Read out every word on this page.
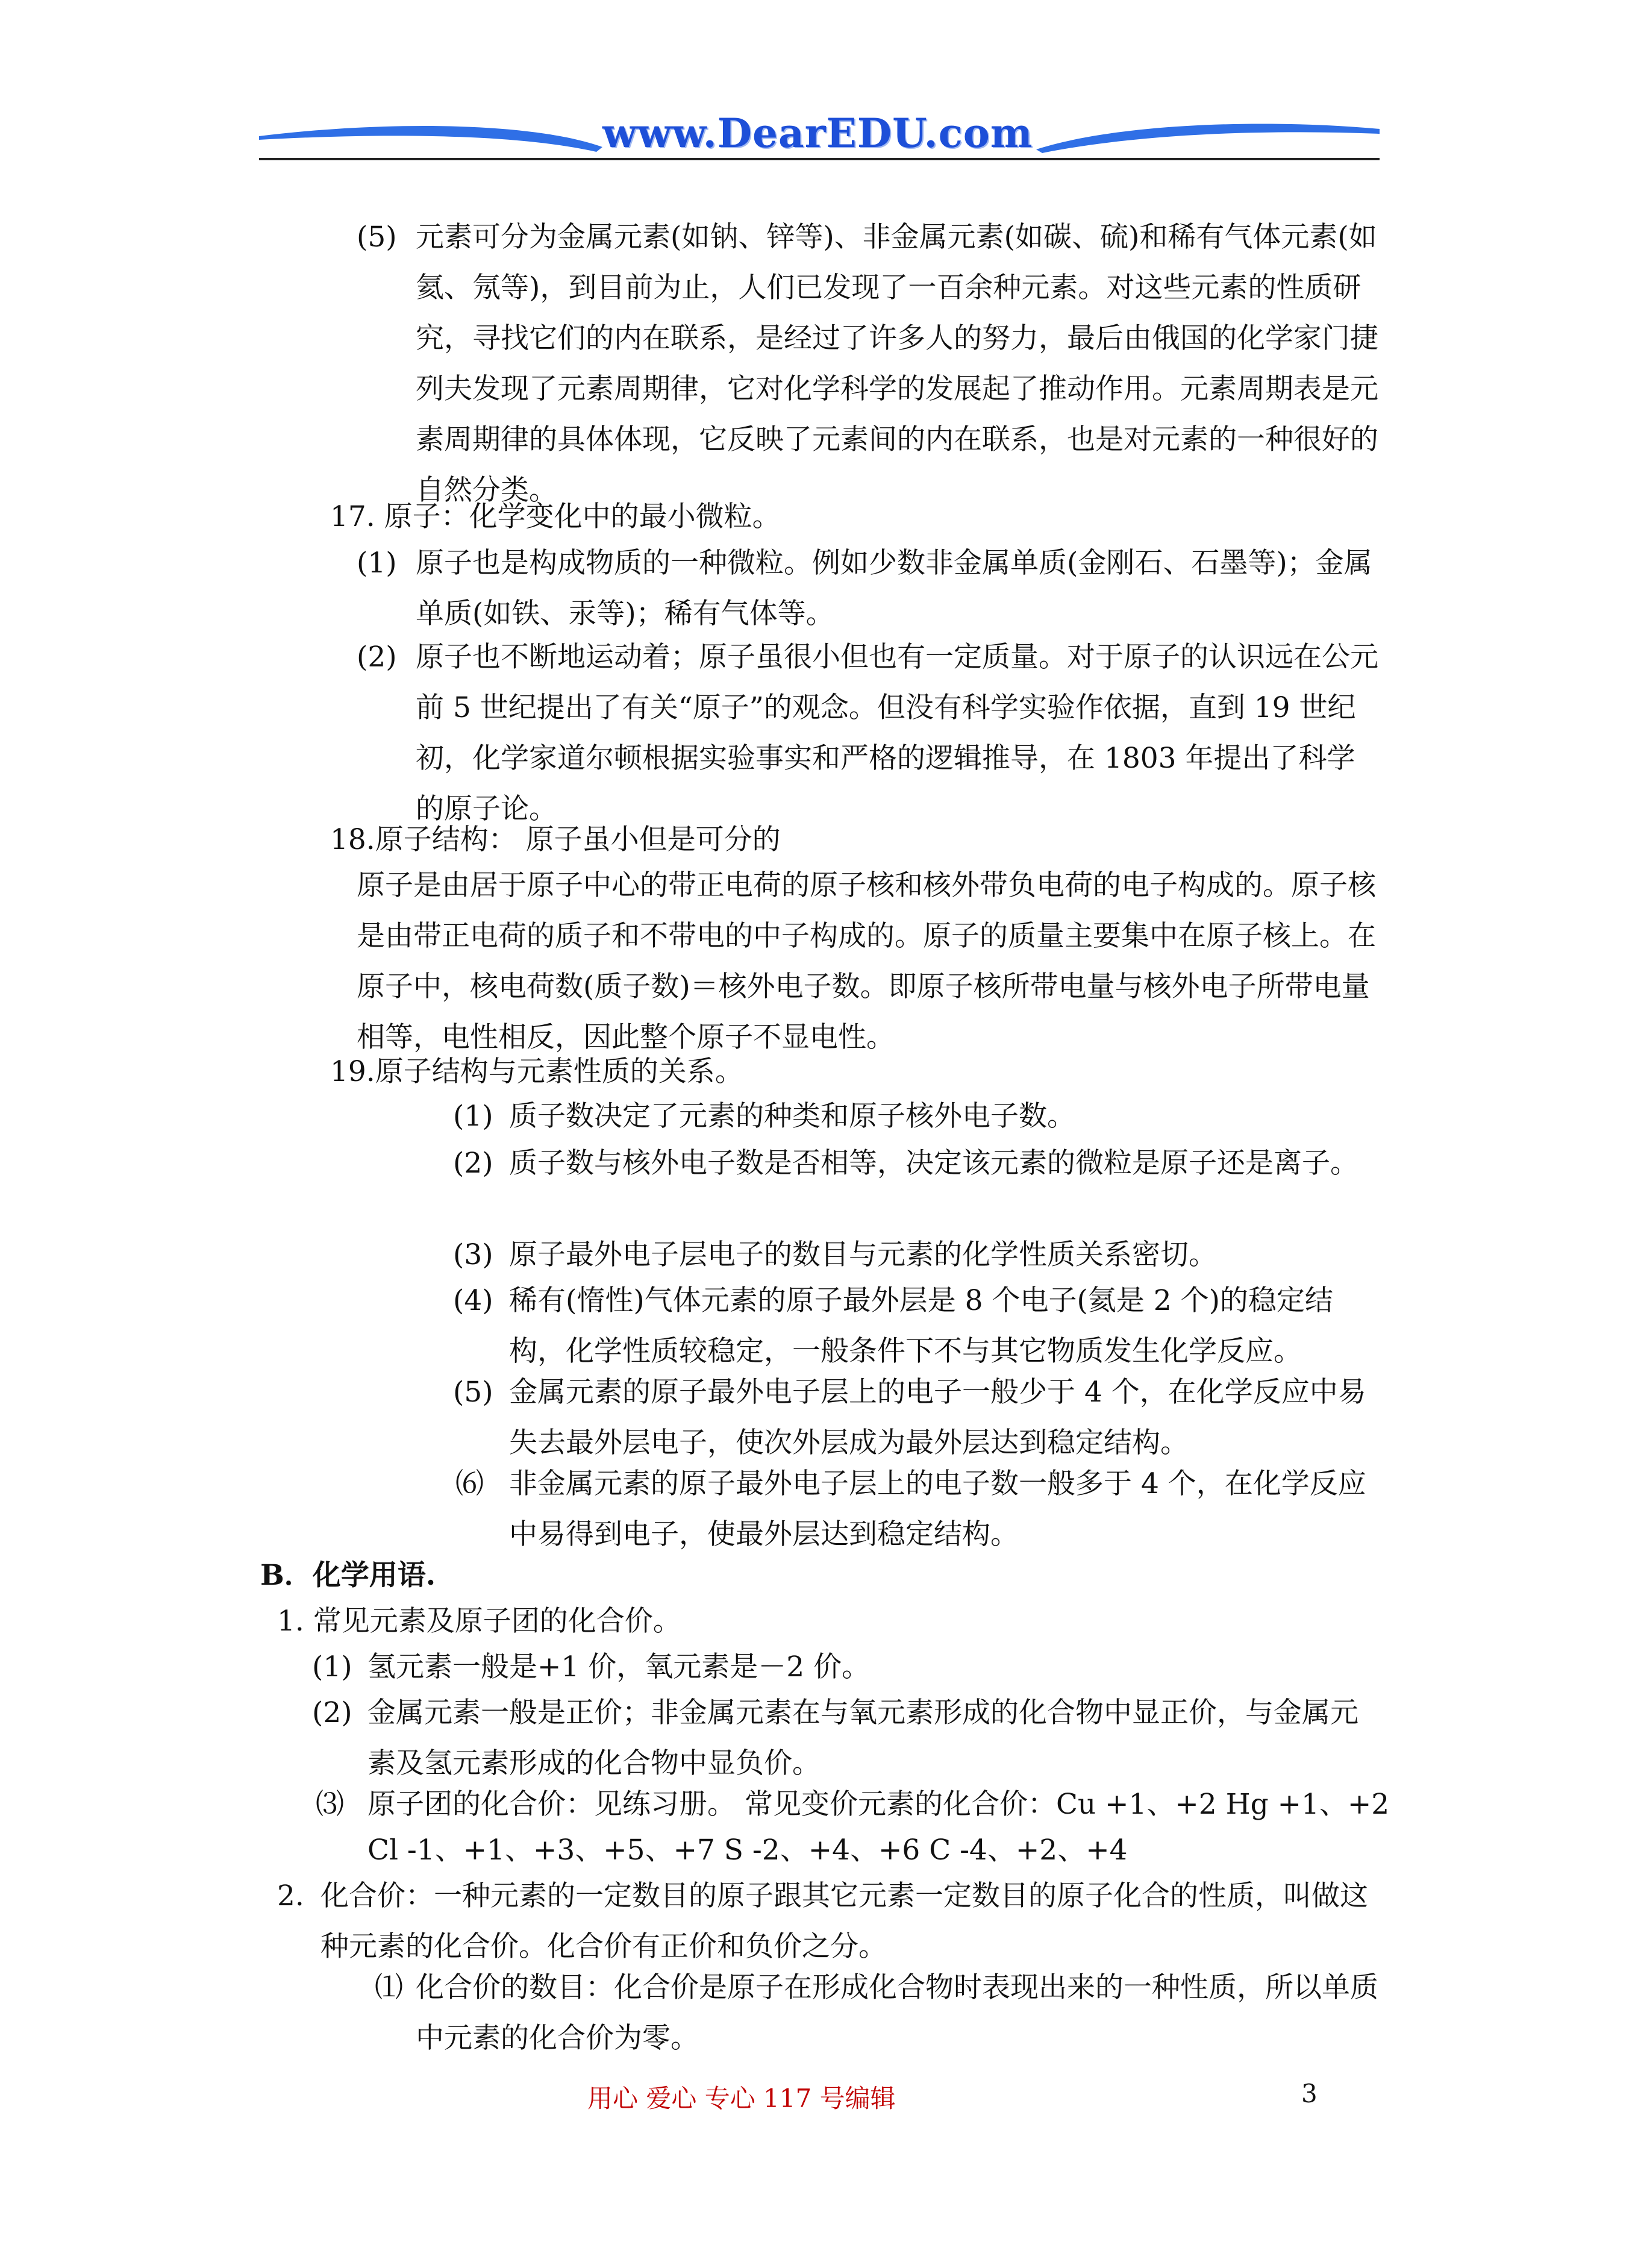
www.DearEDU.com
(5) 元素可分为金属元素(如钠、锌等)、非金属元素(如碳、硫)和稀有气体元素(如氦、氖等)，到目前为止，人们已发现了一百余种元素。对这些元素的性质研究，寻找它们的内在联系，是经过了许多人的努力，最后由俄国的化学家门捷列夫发现了元素周期律，它对化学科学的发展起了推动作用。元素周期表是元素周期律的具体体现，它反映了元素间的内在联系，也是对元素的一种很好的自然分类。
17. 原子：化学变化中的最小微粒。
(1) 原子也是构成物质的一种微粒。例如少数非金属单质(金刚石、石墨等)；金属单质(如铁、汞等)；稀有气体等。
(2) 原子也不断地运动着；原子虽很小但也有一定质量。对于原子的认识远在公元前 5 世纪提出了有关“原子”的观念。但没有科学实验作依据，直到 19 世纪初，化学家道尔顿根据实验事实和严格的逻辑推导，在 1803 年提出了科学的原子论。
18.原子结构： 原子虽小但是可分的
原子是由居于原子中心的带正电荷的原子核和核外带负电荷的电子构成的。原子核是由带正电荷的质子和不带电的中子构成的。原子的质量主要集中在原子核上。在原子中，核电荷数(质子数)＝核外电子数。即原子核所带电量与核外电子所带电量相等，电性相反，因此整个原子不显电性。
19.原子结构与元素性质的关系。
(1) 质子数决定了元素的种类和原子核外电子数。
(2) 质子数与核外电子数是否相等，决定该元素的微粒是原子还是离子。
(3) 原子最外电子层电子的数目与元素的化学性质关系密切。
(4) 稀有(惰性)气体元素的原子最外层是 8 个电子(氦是 2 个)的稳定结构，化学性质较稳定，一般条件下不与其它物质发生化学反应。
(5) 金属元素的原子最外电子层上的电子一般少于 4 个，在化学反应中易失去最外层电子，使次外层成为最外层达到稳定结构。
⑹ 非金属元素的原子最外电子层上的电子数一般多于 4 个，在化学反应中易得到电子，使最外层达到稳定结构。
B．化学用语.
1. 常见元素及原子团的化合价。
(1) 氢元素一般是+1 价，氧元素是－2 价。
(2) 金属元素一般是正价；非金属元素在与氧元素形成的化合物中显正价，与金属元素及氢元素形成的化合物中显负价。
⑶ 原子团的化合价：见练习册。 常见变价元素的化合价：Cu +1、+2 Hg +1、+2
Cl -1、+1、+3、+5、+7 S -2、+4、+6 C -4、+2、+4
2. 化合价：一种元素的一定数目的原子跟其它元素一定数目的原子化合的性质，叫做这种元素的化合价。化合价有正价和负价之分。
⑴ 化合价的数目：化合价是原子在形成化合物时表现出来的一种性质，所以单质中元素的化合价为零。
用心 爱心 专心 117 号编辑	3
